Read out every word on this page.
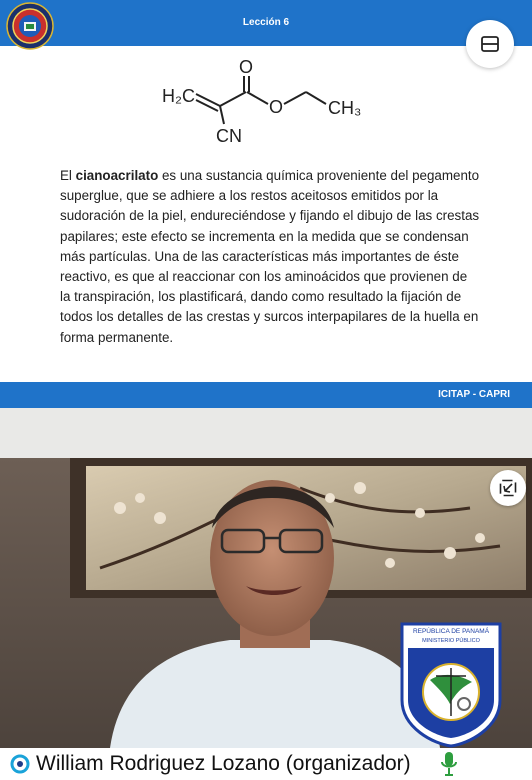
Lección 6
H₂C
O
O CH₃
CN

El cianoacrilato es una sustancia química proveniente del pegamento superglue, que se adhiere a los restos aceitosos emitidos por la sudoración de la piel, endureciéndose y fijando el dibujo de las crestas papilares; este efecto se incrementa en la medida que se condensan más partículas. Una de las características más importantes de éste reactivo, es que al reaccionar con los aminoácidos que provienen de la transpiración, los plastificará, dando como resultado la fijación de todos los detalles de las crestas y surcos interpapilares de la huella en forma permanente.

ICITAP - CAPRI
REPÚBLICA DE PANAMÁ
MINISTERIO PÚBLICO
William Rodriguez Lozano (organizador)
